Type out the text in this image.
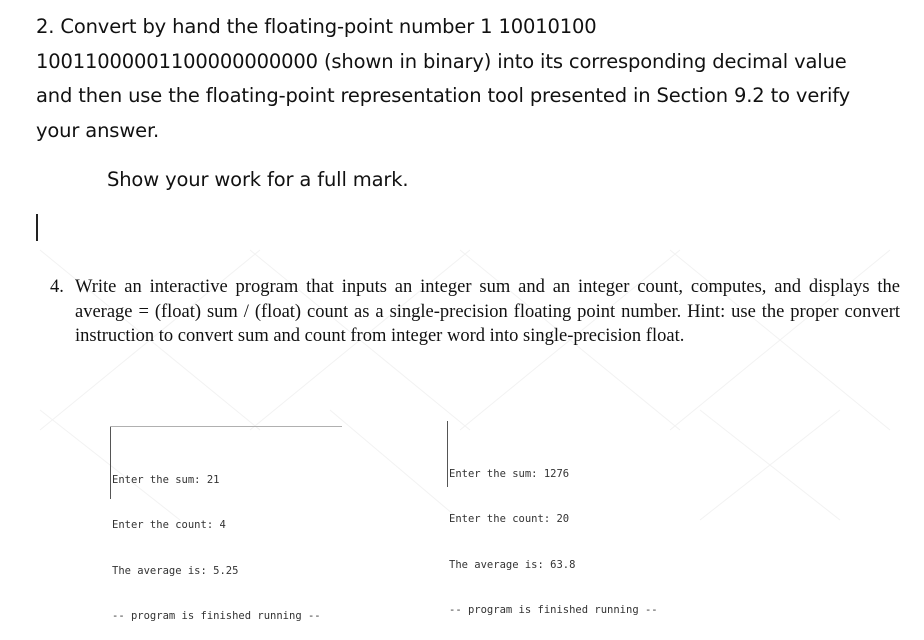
2. Convert by hand the floating-point number 1 10010100
10011000001100000000000 (shown in binary) into its corresponding decimal value
and then use the floating-point representation tool presented in Section 9.2 to verify
your answer.

Show your work for a full mark.

4. Write an interactive program that inputs an integer sum and an integer count, computes, and displays the average = (float) sum / (float) count as a single-precision floating point number. Hint: use the proper convert instruction to convert sum and count from integer word into single-precision float.

Enter the sum: 21

Enter the count: 4

The average is: 5.25

-- program is finished running --

Enter the sum: 1276

Enter the count: 20

The average is: 63.8

-- program is finished running --
